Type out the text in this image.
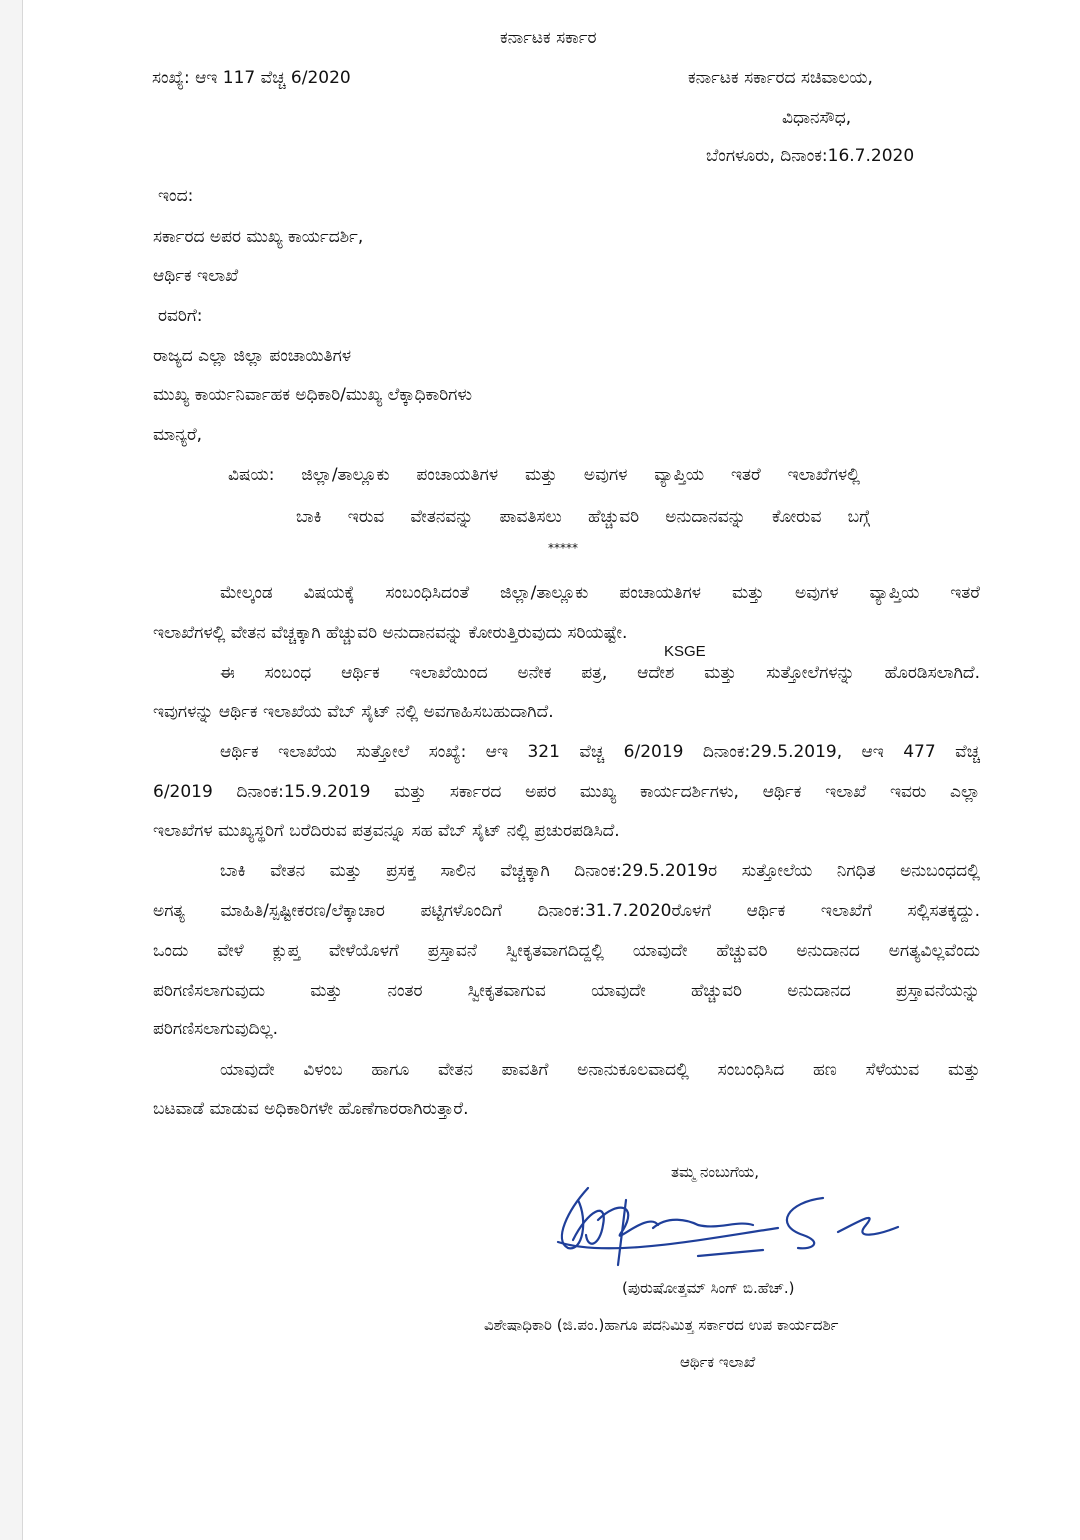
ಕರ್ನಾಟಕ ಸರ್ಕಾರ
ಸಂಖ್ಯೆ: ಆಇ 117 ವೆಚ್ಚ 6/2020	ಕರ್ನಾಟಕ ಸರ್ಕಾರದ ಸಚಿವಾಲಯ,
ವಿಧಾನಸೌಧ,
ಬೆಂಗಳೂರು, ದಿನಾಂಕ:16.7.2020
ಇಂದ:
ಸರ್ಕಾರದ ಅಪರ ಮುಖ್ಯ ಕಾರ್ಯದರ್ಶಿ,
ಆರ್ಥಿಕ ಇಲಾಖೆ
ರವರಿಗೆ:
ರಾಜ್ಯದ ಎಲ್ಲಾ ಜಿಲ್ಲಾ ಪಂಚಾಯಿತಿಗಳ
ಮುಖ್ಯ ಕಾರ್ಯನಿರ್ವಾಹಕ ಅಧಿಕಾರಿ/ಮುಖ್ಯ ಲೆಕ್ಕಾಧಿಕಾರಿಗಳು
ಮಾನ್ಯರೆ,
ವಿಷಯ: ಜಿಲ್ಲಾ/ತಾಲ್ಲೂಕು ಪಂಚಾಯತಿಗಳ ಮತ್ತು ಅವುಗಳ ವ್ಯಾಪ್ತಿಯ ಇತರೆ ಇಲಾಖೆಗಳಲ್ಲಿ
ಬಾಕಿ ಇರುವ ವೇತನವನ್ನು ಪಾವತಿಸಲು ಹೆಚ್ಚುವರಿ ಅನುದಾನವನ್ನು ಕೋರುವ ಬಗ್ಗೆ
*****
KSGE
ಮೇಲ್ಕಂಡ ವಿಷಯಕ್ಕೆ ಸಂಬಂಧಿಸಿದಂತೆ ಜಿಲ್ಲಾ/ತಾಲ್ಲೂಕು ಪಂಚಾಯತಿಗಳ ಮತ್ತು ಅವುಗಳ ವ್ಯಾಪ್ತಿಯ ಇತರೆ
ಇಲಾಖೆಗಳಲ್ಲಿ ವೇತನ ವೆಚ್ಚಕ್ಕಾಗಿ ಹೆಚ್ಚುವರಿ ಅನುದಾನವನ್ನು ಕೋರುತ್ತಿರುವುದು ಸರಿಯಷ್ಟೇ.
ಈ ಸಂಬಂಧ ಆರ್ಥಿಕ ಇಲಾಖೆಯಿಂದ ಅನೇಕ ಪತ್ರ, ಆದೇಶ ಮತ್ತು ಸುತ್ತೋಲೆಗಳನ್ನು ಹೊರಡಿಸಲಾಗಿದೆ.
ಇವುಗಳನ್ನು ಆರ್ಥಿಕ ಇಲಾಖೆಯ ವೆಬ್ ಸೈಟ್ ನಲ್ಲಿ ಅವಗಾಹಿಸಬಹುದಾಗಿದೆ.
ಆರ್ಥಿಕ ಇಲಾಖೆಯ ಸುತ್ತೋಲೆ ಸಂಖ್ಯೆ: ಆಇ 321 ವೆಚ್ಚ 6/2019 ದಿನಾಂಕ:29.5.2019, ಆಇ 477 ವೆಚ್ಚ
6/2019 ದಿನಾಂಕ:15.9.2019 ಮತ್ತು ಸರ್ಕಾರದ ಅಪರ ಮುಖ್ಯ ಕಾರ್ಯದರ್ಶಿಗಳು, ಆರ್ಥಿಕ ಇಲಾಖೆ ಇವರು ಎಲ್ಲಾ
ಇಲಾಖೆಗಳ ಮುಖ್ಯಸ್ಥರಿಗೆ ಬರೆದಿರುವ ಪತ್ರವನ್ನೂ ಸಹ ವೆಬ್ ಸೈಟ್ ನಲ್ಲಿ ಪ್ರಚುರಪಡಿಸಿದೆ.
ಬಾಕಿ ವೇತನ ಮತ್ತು ಪ್ರಸಕ್ತ ಸಾಲಿನ ವೆಚ್ಚಕ್ಕಾಗಿ ದಿನಾಂಕ:29.5.2019ರ ಸುತ್ತೋಲೆಯ ನಿಗಧಿತ ಅನುಬಂಧದಲ್ಲಿ
ಅಗತ್ಯ ಮಾಹಿತಿ/ಸ್ಪಷ್ಟೀಕರಣ/ಲೆಕ್ಕಾಚಾರ ಪಟ್ಟಿಗಳೊಂದಿಗೆ ದಿನಾಂಕ:31.7.2020ರೊಳಗೆ ಆರ್ಥಿಕ ಇಲಾಖೆಗೆ ಸಲ್ಲಿಸತಕ್ಕದ್ದು.
ಒಂದು ವೇಳೆ ಕ್ಲುಪ್ತ ವೇಳೆಯೊಳಗೆ ಪ್ರಸ್ತಾವನೆ ಸ್ವೀಕೃತವಾಗದಿದ್ದಲ್ಲಿ ಯಾವುದೇ ಹೆಚ್ಚುವರಿ ಅನುದಾನದ ಅಗತ್ಯವಿಲ್ಲವೆಂದು
ಪರಿಗಣಿಸಲಾಗುವುದು ಮತ್ತು ನಂತರ ಸ್ವೀಕೃತವಾಗುವ ಯಾವುದೇ ಹೆಚ್ಚುವರಿ ಅನುದಾನದ ಪ್ರಸ್ತಾವನೆಯನ್ನು
ಪರಿಗಣಿಸಲಾಗುವುದಿಲ್ಲ.
ಯಾವುದೇ ವಿಳಂಬ ಹಾಗೂ ವೇತನ ಪಾವತಿಗೆ ಅನಾನುಕೂಲವಾದಲ್ಲಿ ಸಂಬಂಧಿಸಿದ ಹಣ ಸೆಳೆಯುವ ಮತ್ತು
ಬಟವಾಡೆ ಮಾಡುವ ಅಧಿಕಾರಿಗಳೇ ಹೊಣೆಗಾರರಾಗಿರುತ್ತಾರೆ.
ತಮ್ಮ ನಂಬುಗೆಯ,
(ಪುರುಷೋತ್ತಮ್ ಸಿಂಗ್ ಬಿ.ಹೆಚ್.)
ವಿಶೇಷಾಧಿಕಾರಿ (ಜಿ.ಪಂ.)ಹಾಗೂ ಪದನಿಮಿತ್ತ ಸರ್ಕಾರದ ಉಪ ಕಾರ್ಯದರ್ಶಿ
ಆರ್ಥಿಕ ಇಲಾಖೆ
